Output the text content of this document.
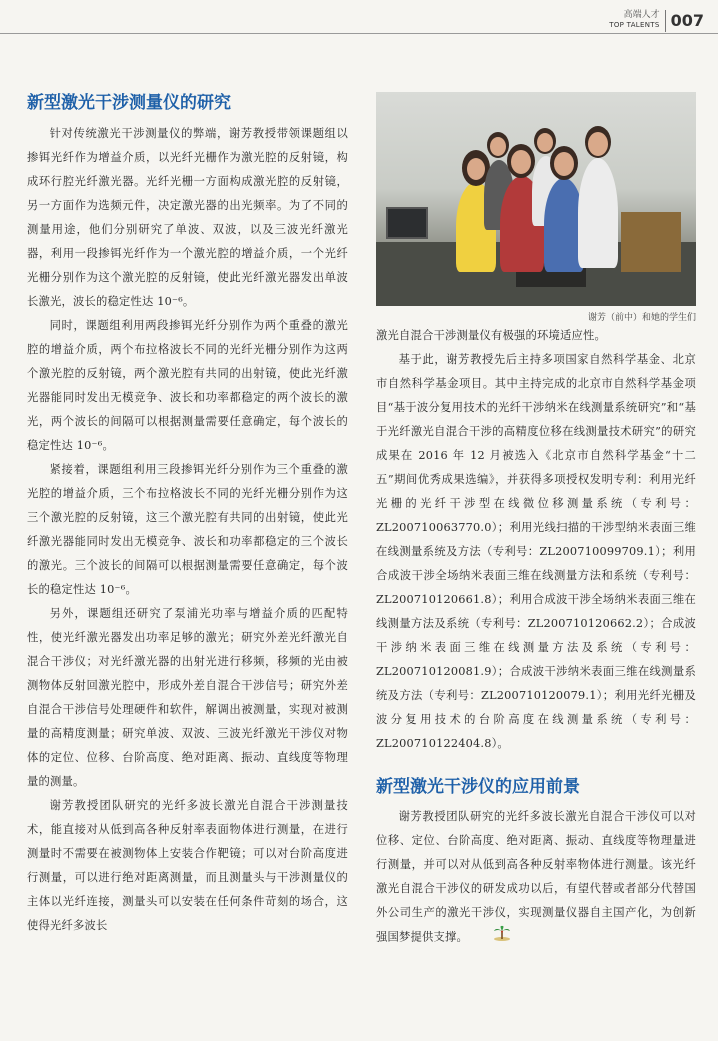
高端人才
TOP TALENTS 007
新型激光干涉测量仪的研究

针对传统激光干涉测量仪的弊端，谢芳教授带领课题组以掺铒光纤作为增益介质，以光纤光栅作为激光腔的反射镜，构成环行腔光纤激光器。光纤光栅一方面构成激光腔的反射镜，另一方面作为选频元件，决定激光器的出光频率。为了不同的测量用途，他们分别研究了单波、双波，以及三波光纤激光器，利用一段掺铒光纤作为一个激光腔的增益介质，一个光纤光栅分别作为这个激光腔的反射镜，使此光纤激光器发出单波长激光，波长的稳定性达 10⁻⁶。

同时，课题组利用两段掺铒光纤分别作为两个重叠的激光腔的增益介质，两个布拉格波长不同的光纤光栅分别作为这两个激光腔的反射镜，两个激光腔有共同的出射镜，使此光纤激光器能同时发出无模竞争、波长和功率都稳定的两个波长的激光，两个波长的间隔可以根据测量需要任意确定，每个波长的稳定性达 10⁻⁶。

紧接着，课题组利用三段掺铒光纤分别作为三个重叠的激光腔的增益介质，三个布拉格波长不同的光纤光栅分别作为这三个激光腔的反射镜，这三个激光腔有共同的出射镜，使此光纤激光器能同时发出无模竞争、波长和功率都稳定的三个波长的激光。三个波长的间隔可以根据测量需要任意确定，每个波长的稳定性达 10⁻⁶。

另外，课题组还研究了泵浦光功率与增益介质的匹配特性，使光纤激光器发出功率足够的激光；研究外差光纤激光自混合干涉仪；对光纤激光器的出射光进行移频，移频的光由被测物体反射回激光腔中，形成外差自混合干涉信号；研究外差自混合干涉信号处理硬件和软件，解调出被测量，实现对被测量的高精度测量；研究单波、双波、三波光纤激光干涉仪对物体的定位、位移、台阶高度、绝对距离、振动、直线度等物理量的测量。

谢芳教授团队研究的光纤多波长激光自混合干涉测量技术，能直接对从低到高各种反射率表面物体进行测量，在进行测量时不需要在被测物体上安装合作靶镜；可以对台阶高度进行测量，可以进行绝对距离测量，而且测量头与干涉测量仪的主体以光纤连接，测量头可以安装在任何条件苛刻的场合，这使得光纤多波长

谢芳（前中）和她的学生们

激光自混合干涉测量仪有极强的环境适应性。

基于此，谢芳教授先后主持多项国家自然科学基金、北京市自然科学基金项目。其中主持完成的北京市自然科学基金项目“基于波分复用技术的光纤干涉纳米在线测量系统研究”和“基于光纤激光自混合干涉的高精度位移在线测量技术研究”的研究成果在 2016 年 12 月被选入《北京市自然科学基金“十二五”期间优秀成果选编》，并获得多项授权发明专利：利用光纤光栅的光纤干涉型在线微位移测量系统（专利号：ZL200710063770.0）；利用光线扫描的干涉型纳米表面三维在线测量系统及方法（专利号：ZL200710099709.1）；利用合成波干涉全场纳米表面三维在线测量方法和系统（专利号：ZL200710120661.8）；利用合成波干涉全场纳米表面三维在线测量方法及系统（专利号：ZL200710120662.2）；合成波干涉纳米表面三维在线测量方法及系统（专利号：ZL200710120081.9）；合成波干涉纳米表面三维在线测量系统及方法（专利号：ZL200710120079.1）；利用光纤光栅及波分复用技术的台阶高度在线测量系统（专利号：ZL200710122404.8）。

新型激光干涉仪的应用前景

谢芳教授团队研究的光纤多波长激光自混合干涉仪可以对位移、定位、台阶高度、绝对距离、振动、直线度等物理量进行测量，并可以对从低到高各种反射率物体进行测量。该光纤激光自混合干涉仪的研发成功以后，有望代替或者部分代替国外公司生产的激光干涉仪，实现测量仪器自主国产化，为创新强国梦提供支撑。
